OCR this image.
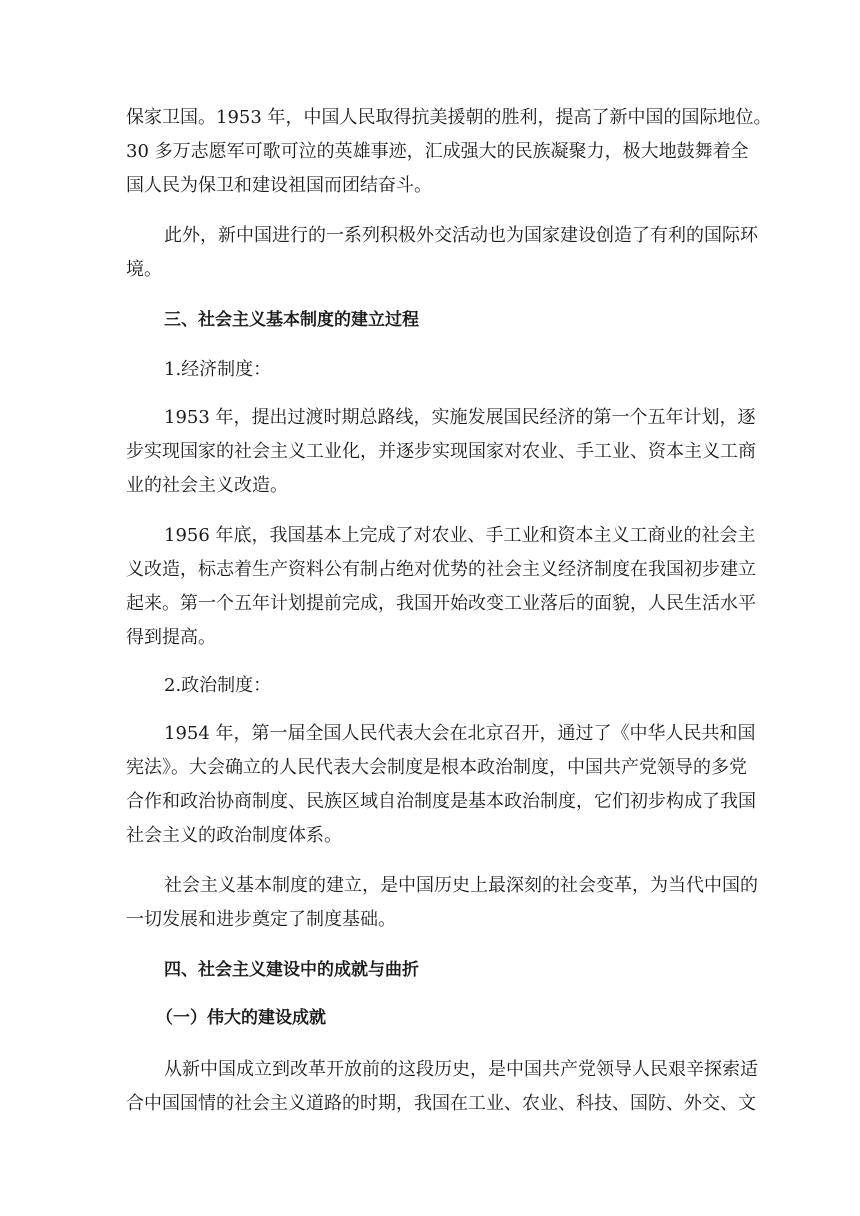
保家卫国。1953 年，中国人民取得抗美援朝的胜利，提高了新中国的国际地位。
30 多万志愿军可歌可泣的英雄事迹，汇成强大的民族凝聚力，极大地鼓舞着全
国人民为保卫和建设祖国而团结奋斗。
此外，新中国进行的一系列积极外交活动也为国家建设创造了有利的国际环
境。
三、社会主义基本制度的建立过程
1.经济制度：
1953 年，提出过渡时期总路线，实施发展国民经济的第一个五年计划，逐
步实现国家的社会主义工业化，并逐步实现国家对农业、手工业、资本主义工商
业的社会主义改造。
1956 年底，我国基本上完成了对农业、手工业和资本主义工商业的社会主
义改造，标志着生产资料公有制占绝对优势的社会主义经济制度在我国初步建立
起来。第一个五年计划提前完成，我国开始改变工业落后的面貌，人民生活水平
得到提高。
2.政治制度：
1954 年，第一届全国人民代表大会在北京召开，通过了《中华人民共和国
宪法》。大会确立的人民代表大会制度是根本政治制度，中国共产党领导的多党
合作和政治协商制度、民族区域自治制度是基本政治制度，它们初步构成了我国
社会主义的政治制度体系。
社会主义基本制度的建立，是中国历史上最深刻的社会变革，为当代中国的
一切发展和进步奠定了制度基础。
四、社会主义建设中的成就与曲折
（一）伟大的建设成就
从新中国成立到改革开放前的这段历史，是中国共产党领导人民艰辛探索适
合中国国情的社会主义道路的时期，我国在工业、农业、科技、国防、外交、文
